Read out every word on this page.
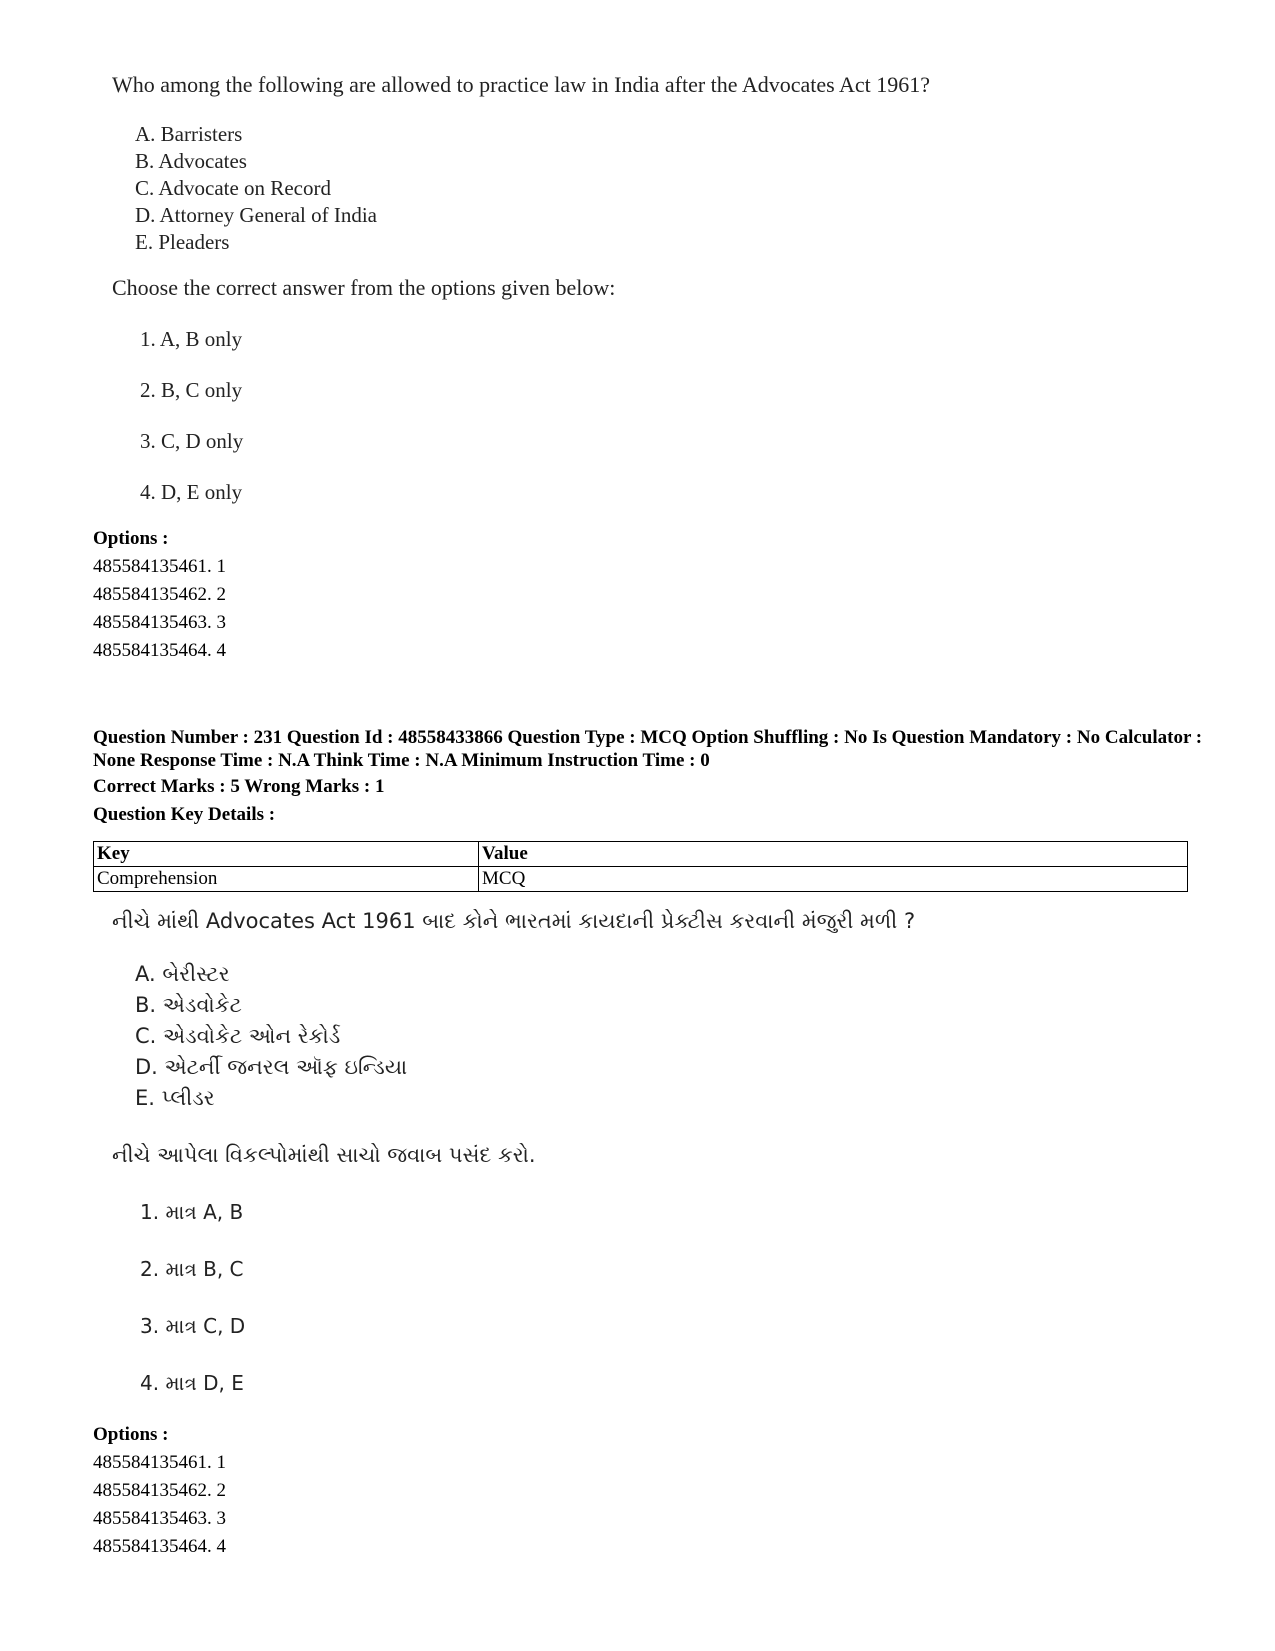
Who among the following are allowed to practice law in India after the Advocates Act 1961?
A. Barristers
B. Advocates
C. Advocate on Record
D. Attorney General of India
E. Pleaders
Choose the correct answer from the options given below:
1. A, B only
2. B, C only
3. C, D only
4. D, E only
Options :
485584135461. 1
485584135462. 2
485584135463. 3
485584135464. 4
Question Number : 231 Question Id : 48558433866 Question Type : MCQ Option Shuffling : No Is Question Mandatory : No Calculator : None Response Time : N.A Think Time : N.A Minimum Instruction Time : 0
Correct Marks : 5 Wrong Marks : 1
Question Key Details :
Key	Value
Comprehension	MCQ
નીચે માંથી Advocates Act 1961 બાદ કોને ભારતમાં કાયદાની પ્રેક્ટીસ કરવાની મંજુરી મળી ?
A. બેરીસ્ટર
B. એડવોકેટ
C. એડવોકેટ ઓન રેકોર્ડ
D. એટર્ની જનરલ ઑફ ઇન્ડિયા
E. પ્લીડર
નીચે આપેલા વિકલ્પોમાંથી સાચો જવાબ પસંદ કરો.
1. માત્ર A, B
2. માત્ર B, C
3. માત્ર C, D
4. માત્ર D, E
Options :
485584135461. 1
485584135462. 2
485584135463. 3
485584135464. 4
